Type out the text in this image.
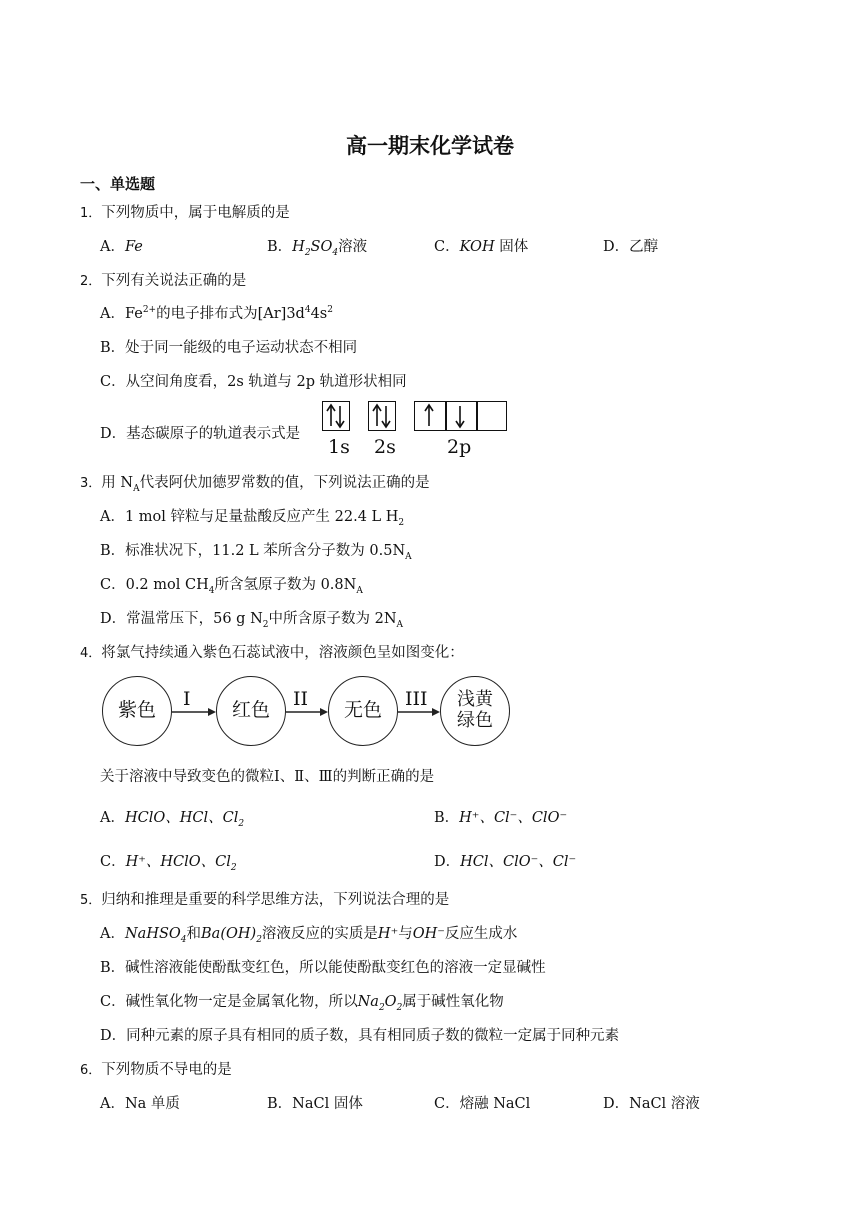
高一期末化学试卷
一、单选题
1．下列物质中，属于电解质的是
A．Fe	B．$H_2SO_4$溶液	C．KOH 固体	D．乙醇
2．下列有关说法正确的是
A．$Fe^{2+}$的电子排布式为$[Ar]3d^44s^2$
B．处于同一能级的电子运动状态不相同
C．从空间角度看，2s 轨道与 2p 轨道形状相同
D．基态碳原子的轨道表示式是
1s 2s	2p
3．用 $N_A$代表阿伏加德罗常数的值，下列说法正确的是
A．1 mol 锌粒与足量盐酸反应产生 22.4 L $H_2$
B．标准状况下，11.2 L 苯所含分子数为 $0.5N_A$
C．0.2 mol $CH_4$所含氢原子数为 $0.8N_A$
D．常温常压下，56 g $N_2$中所含原子数为 $2N_A$
4．将氯气持续通入紫色石蕊试液中，溶液颜色呈如图变化：
紫色	红色	无色	浅黄
绿色
I	II	III
关于溶液中导致变色的微粒Ⅰ、Ⅱ、Ⅲ的判断正确的是
A．HClO、HCl、$Cl_2$	B．H⁺、Cl⁻、ClO⁻
C．H⁺、HClO、$Cl_2$	D．HCl、ClO⁻、Cl⁻
5．归纳和推理是重要的科学思维方法，下列说法合理的是
A．NaHSO$_4$和$Ba(OH)_2$溶液反应的实质是H⁺与OH⁻反应生成水
B．碱性溶液能使酚酞变红色，所以能使酚酞变红色的溶液一定显碱性
C．碱性氧化物一定是金属氧化物，所以$Na_2O_2$属于碱性氧化物
D．同种元素的原子具有相同的质子数，具有相同质子数的微粒一定属于同种元素
6．下列物质不导电的是
A．Na 单质	B．NaCl 固体	C．熔融 NaCl	D．NaCl 溶液
